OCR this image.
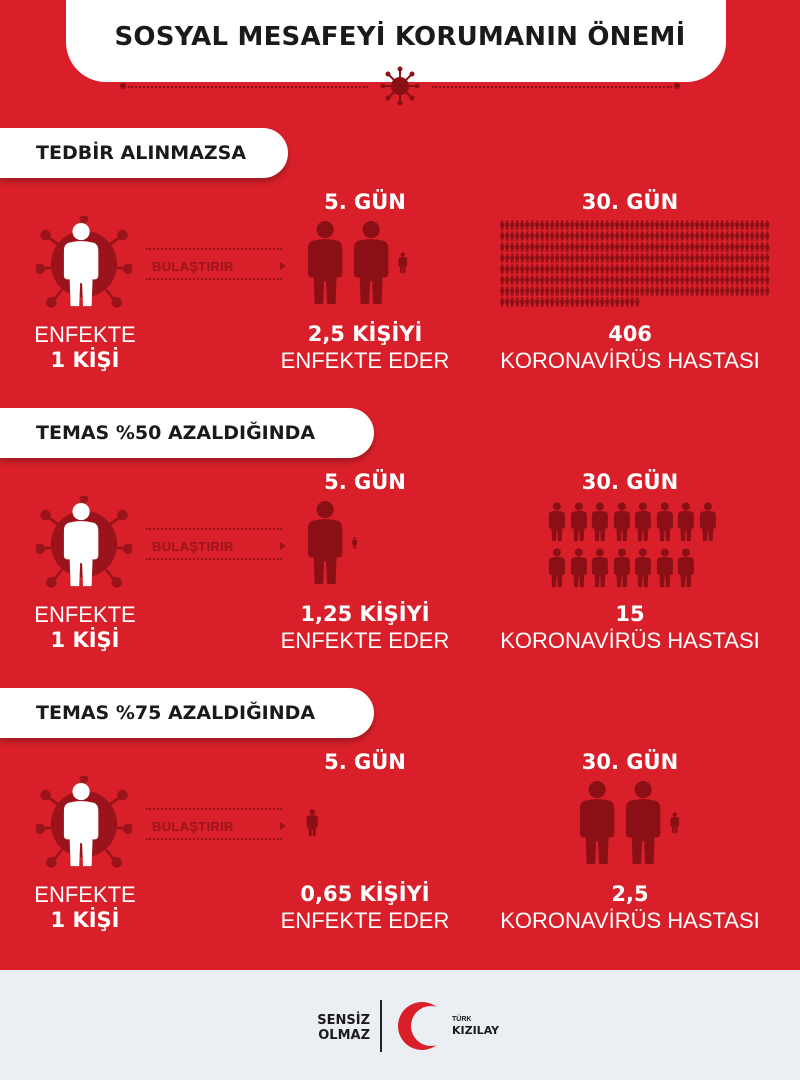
SOSYAL MESAFEYİ KORUMANIN ÖNEMİ
TEDBİR ALINMAZSA
TEMAS %50 AZALDIĞINDA
TEMAS %75 AZALDIĞINDA
BULAŞTIRIR
ENFEKTE
1 KİŞİ
5. GÜN
2,5 KİŞİYİ
ENFEKTE EDER
30. GÜN
406
KORONAVİRÜS HASTASI
BULAŞTIRIR
ENFEKTE
1 KİŞİ
5. GÜN
1,25 KİŞİYİ
ENFEKTE EDER
30. GÜN
15
KORONAVİRÜS HASTASI
BULAŞTIRIR
ENFEKTE
1 KİŞİ
5. GÜN
0,65 KİŞİYİ
ENFEKTE EDER
30. GÜN
2,5
KORONAVİRÜS HASTASI
SENSİZ
OLMAZ
TÜRK
KIZILAY
